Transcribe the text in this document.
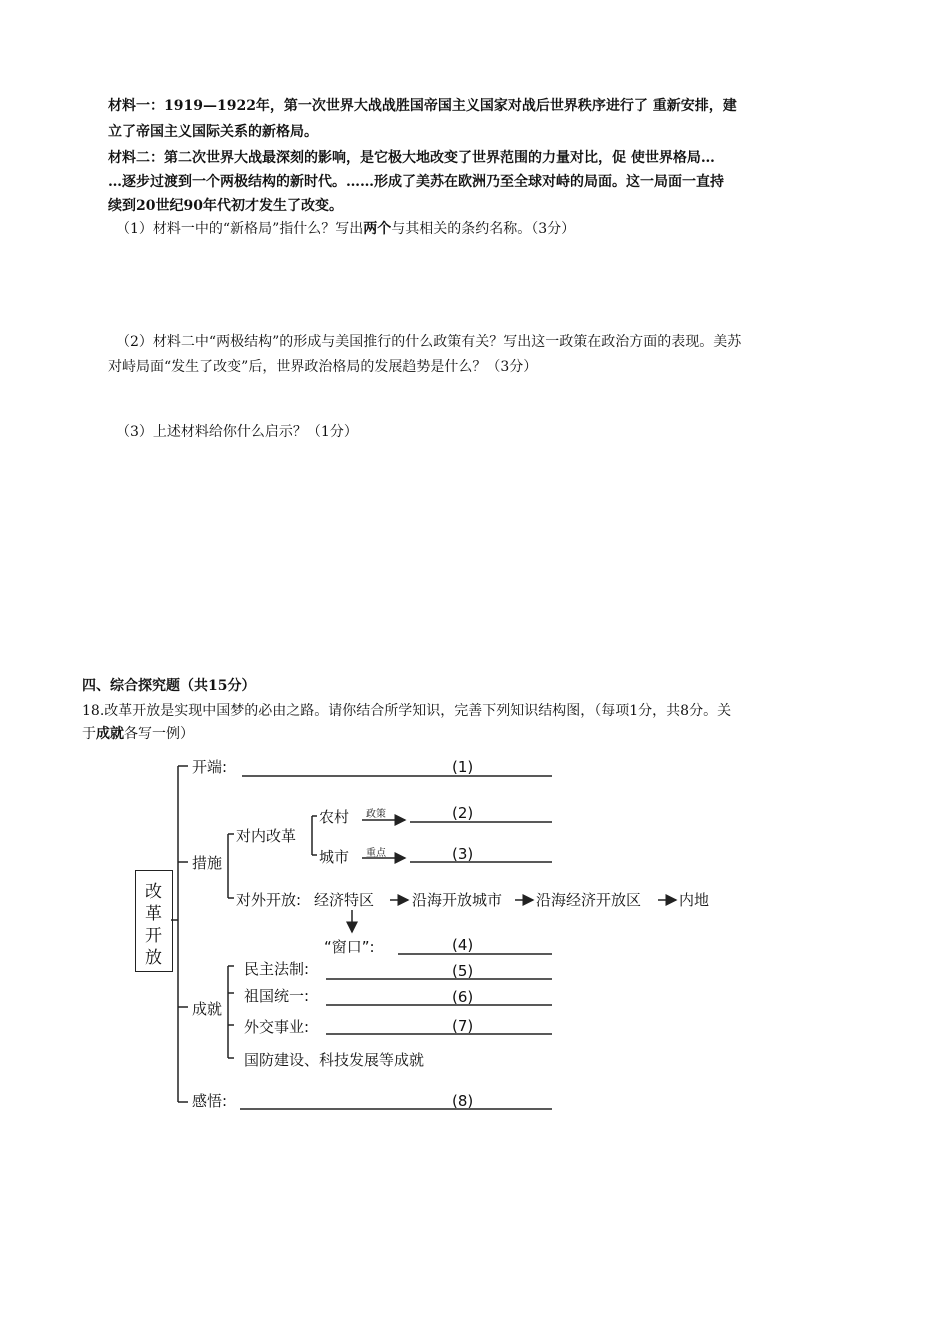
材料一：1919—1922年，第一次世界大战战胜国帝国主义国家对战后世界秩序进行了 重新安排，建
立了帝国主义国际关系的新格局。
材料二：第二次世界大战最深刻的影响，是它极大地改变了世界范围的力量对比，促 使世界格局…
…逐步过渡到一个两极结构的新时代。……形成了美苏在欧洲乃至全球对峙的局面。这一局面一直持
续到20世纪90年代初才发生了改变。
（1）材料一中的“新格局”指什么？写出两个与其相关的条约名称。（3分）
（2）材料二中“两极结构”的形成与美国推行的什么政策有关？写出这一政策在政治方面的表现。美苏
对峙局面“发生了改变”后，世界政治格局的发展趋势是什么？（3分）
（3）上述材料给你什么启示？（1分）
四、综合探究题（共15分）
18.改革开放是实现中国梦的必由之路。请你结合所学知识，完善下列知识结构图，（每项1分，共8分。关
于成就各写一例）
改
革
开
放
开端:	(1)
措施
对内改革
农村 政策	(2)
城市 重点	(3)
对外开放: 经济特区	沿海开放城市 沿海经济开放区	内地
“窗口”:	(4)
成就
民主法制:	(5)
祖国统一:	(6)
外交事业:	(7)
国防建设、科技发展等成就
感悟:	(8)
